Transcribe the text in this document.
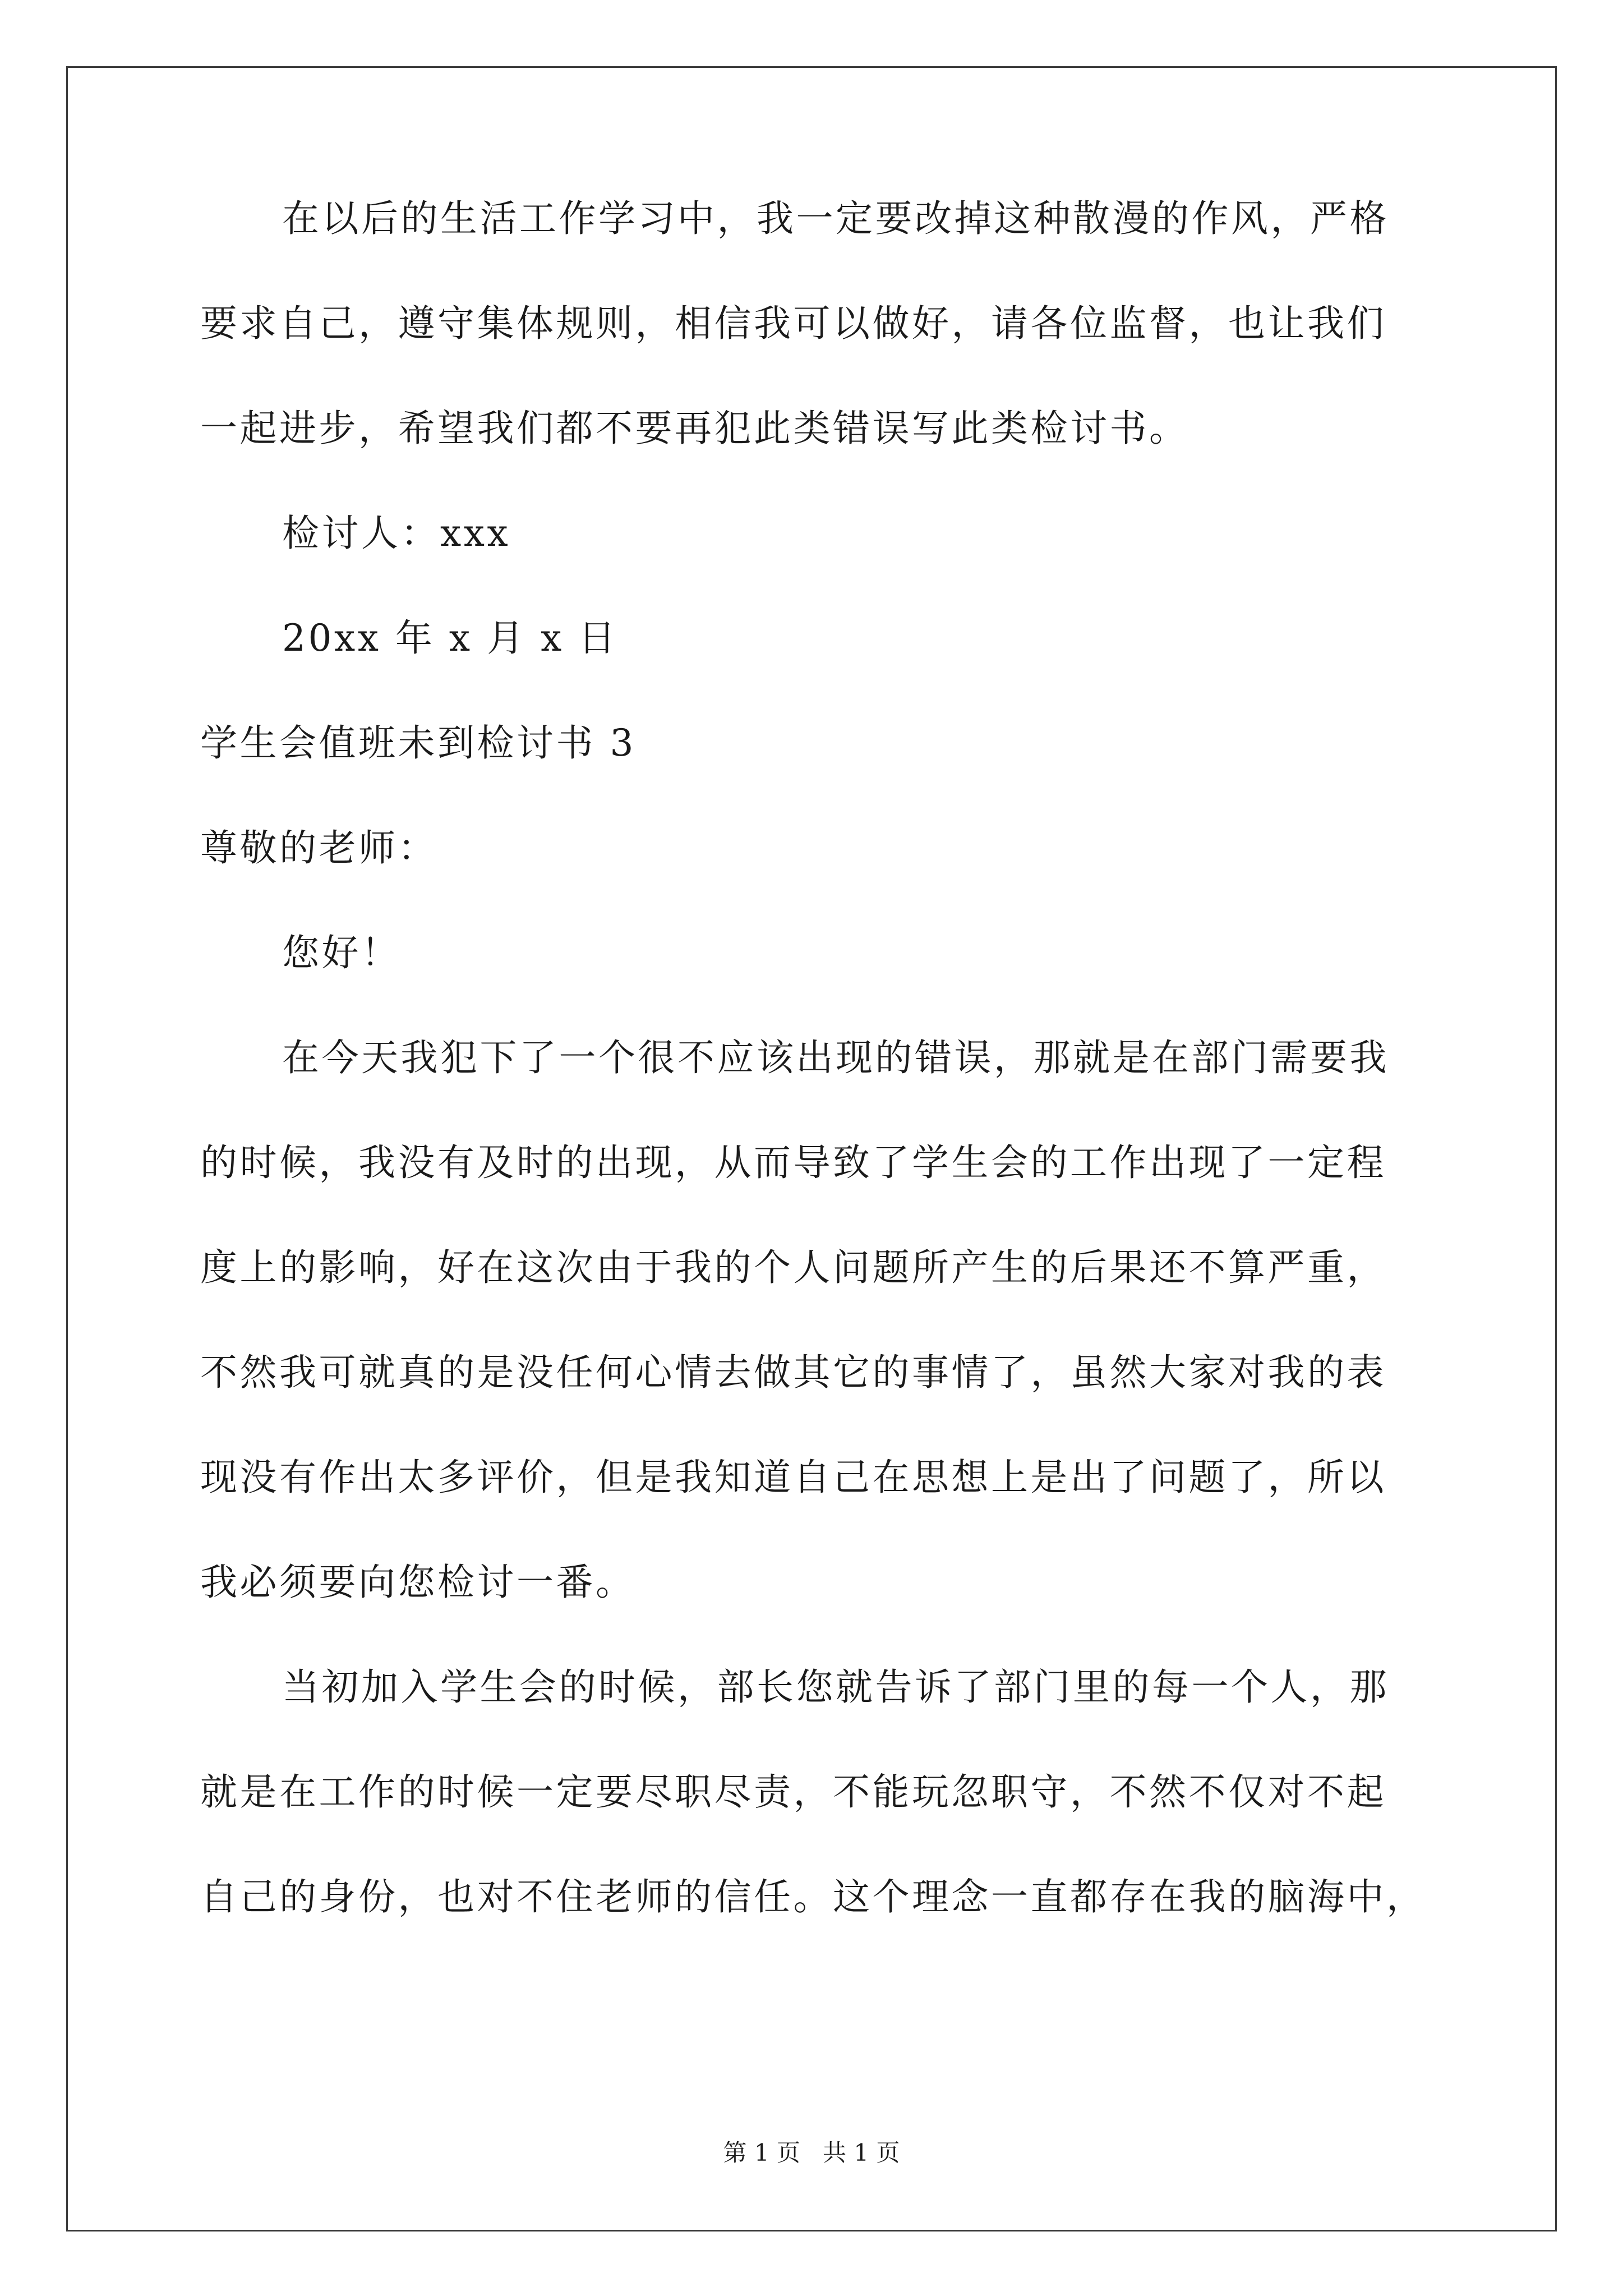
在以后的生活工作学习中，我一定要改掉这种散漫的作风，严格
要求自己，遵守集体规则，相信我可以做好，请各位监督，也让我们
一起进步，希望我们都不要再犯此类错误写此类检讨书。
检讨人：xxx
20xx 年 x 月 x 日
学生会值班未到检讨书 3
尊敬的老师：
您好！
在今天我犯下了一个很不应该出现的错误，那就是在部门需要我
的时候，我没有及时的出现，从而导致了学生会的工作出现了一定程
度上的影响，好在这次由于我的个人问题所产生的后果还不算严重，
不然我可就真的是没任何心情去做其它的事情了，虽然大家对我的表
现没有作出太多评价，但是我知道自己在思想上是出了问题了，所以
我必须要向您检讨一番。
当初加入学生会的时候，部长您就告诉了部门里的每一个人，那
就是在工作的时候一定要尽职尽责，不能玩忽职守，不然不仅对不起
自己的身份，也对不住老师的信任。这个理念一直都存在我的脑海中，
第 1 页   共 1 页
